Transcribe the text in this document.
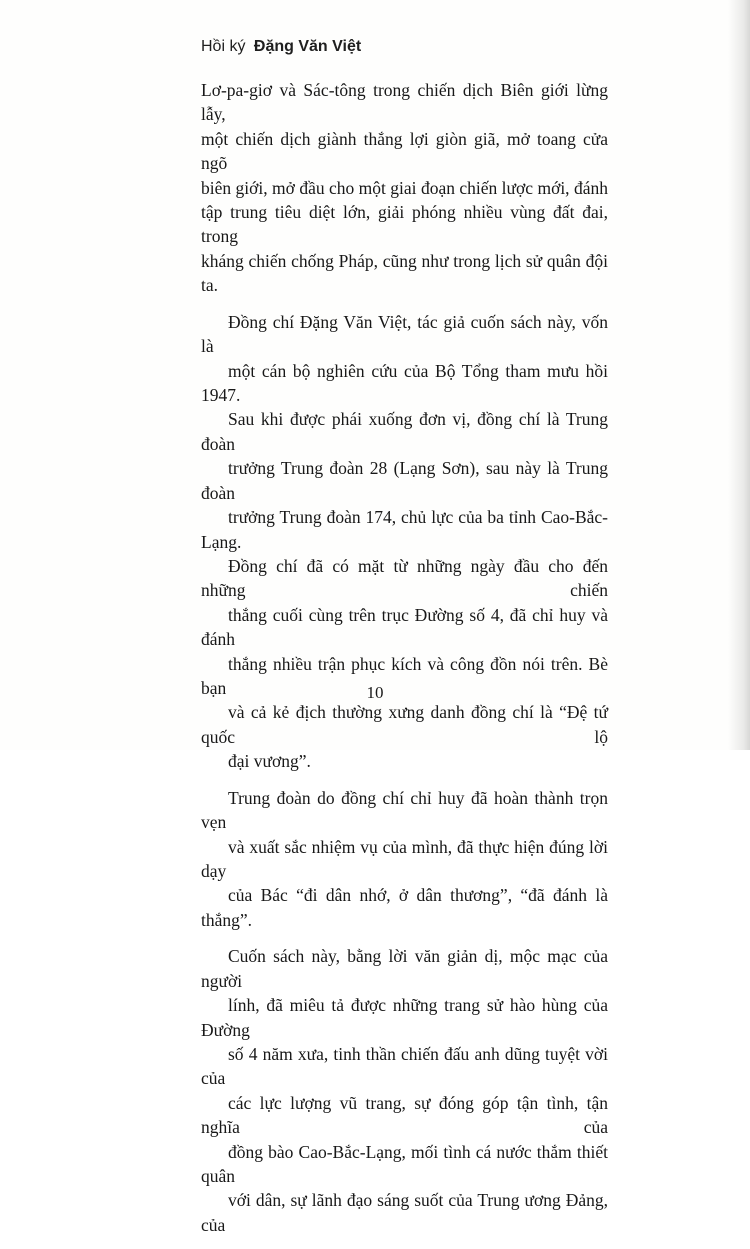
Hồi ký Đặng Văn Việt

Lơ-pa-giơ và Sác-tông trong chiến dịch Biên giới lừng lẫy,
một chiến dịch giành thắng lợi giòn giã, mở toang cửa ngõ
biên giới, mở đầu cho một giai đoạn chiến lược mới, đánh
tập trung tiêu diệt lớn, giải phóng nhiều vùng đất đai, trong
kháng chiến chống Pháp, cũng như trong lịch sử quân đội ta.

Đồng chí Đặng Văn Việt, tác giả cuốn sách này, vốn là
một cán bộ nghiên cứu của Bộ Tổng tham mưu hồi 1947.
Sau khi được phái xuống đơn vị, đồng chí là Trung đoàn
trưởng Trung đoàn 28 (Lạng Sơn), sau này là Trung đoàn
trưởng Trung đoàn 174, chủ lực của ba tỉnh Cao-Bắc-Lạng.
Đồng chí đã có mặt từ những ngày đầu cho đến những chiến
thắng cuối cùng trên trục Đường số 4, đã chỉ huy và đánh
thắng nhiều trận phục kích và công đồn nói trên. Bè bạn
và cả kẻ địch thường xưng danh đồng chí là “Đệ tứ quốc lộ
đại vương”.

Trung đoàn do đồng chí chỉ huy đã hoàn thành trọn vẹn
và xuất sắc nhiệm vụ của mình, đã thực hiện đúng lời dạy
của Bác “đi dân nhớ, ở dân thương”, “đã đánh là thắng”.

Cuốn sách này, bằng lời văn giản dị, mộc mạc của người
lính, đã miêu tả được những trang sử hào hùng của Đường
số 4 năm xưa, tinh thần chiến đấu anh dũng tuyệt vời của
các lực lượng vũ trang, sự đóng góp tận tình, tận nghĩa của
đồng bào Cao-Bắc-Lạng, mối tình cá nước thắm thiết quân
với dân, sự lãnh đạo sáng suốt của Trung ương Đảng, của

10
